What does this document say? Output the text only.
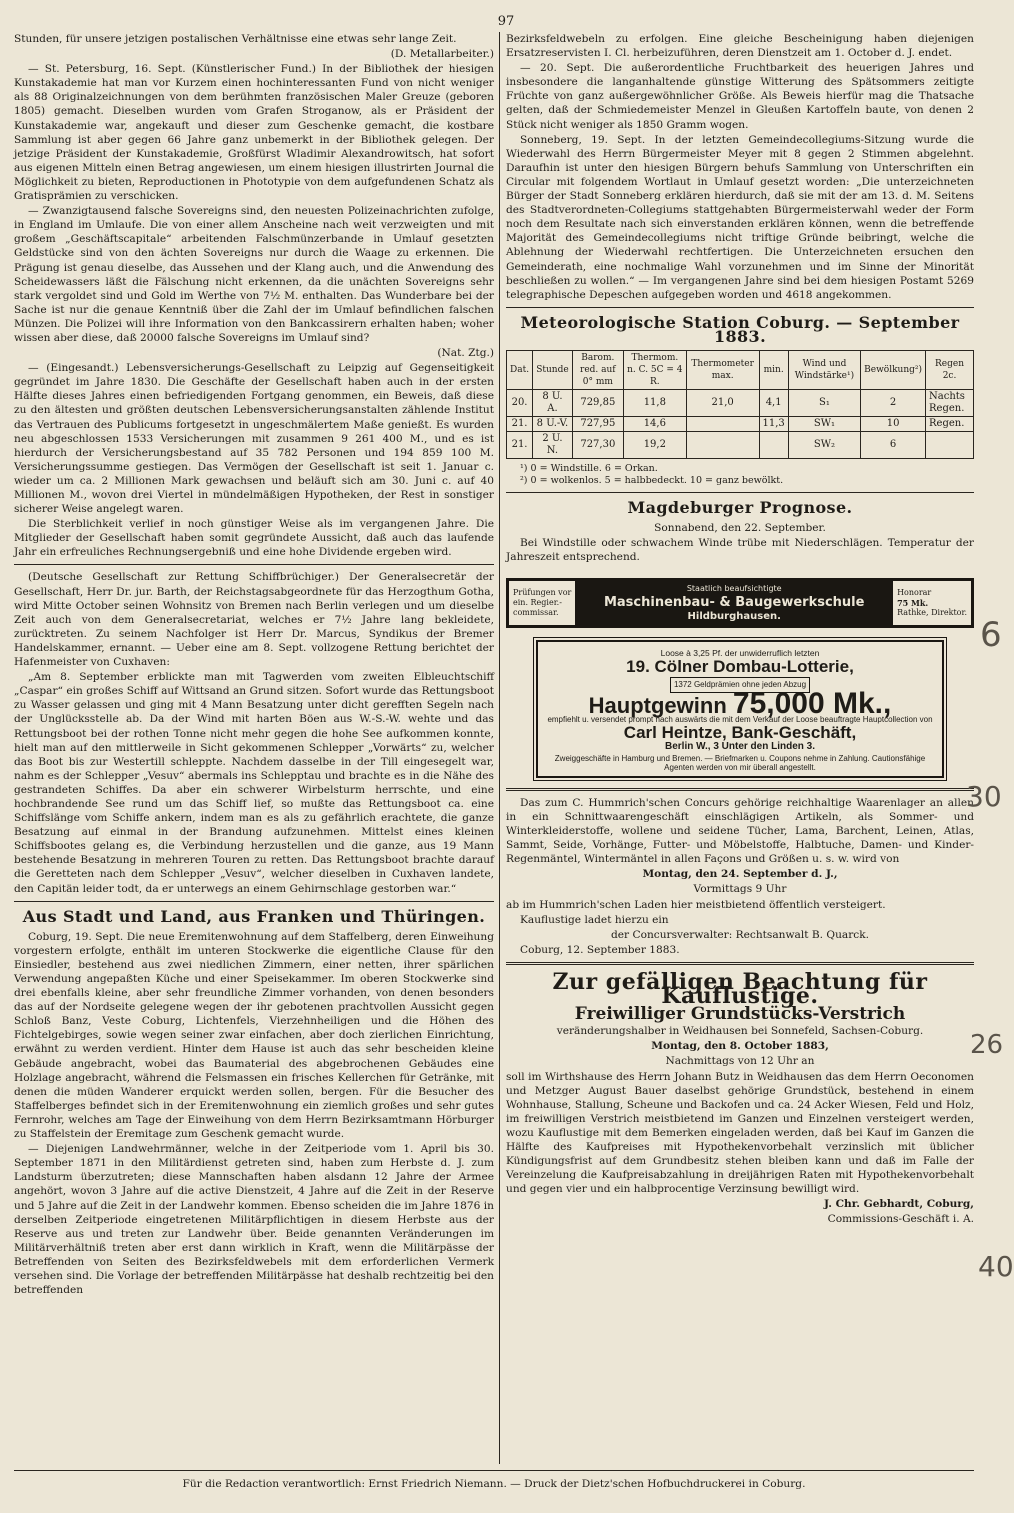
97

Stunden, für unsere jetzigen postalischen Verhältnisse eine etwas sehr lange Zeit.

(D. Metallarbeiter.)

— St. Petersburg, 16. Sept. (Künstlerischer Fund.) In der Bibliothek der hiesigen Kunstakademie hat man vor Kurzem einen hochinteressanten Fund von nicht weniger als 88 Originalzeichnungen von dem berühmten französischen Maler Greuze (geboren 1805) gemacht. Dieselben wurden vom Grafen Stroganow, als er Präsident der Kunstakademie war, angekauft und dieser zum Geschenke gemacht, die kostbare Sammlung ist aber gegen 66 Jahre ganz unbemerkt in der Bibliothek gelegen. Der jetzige Präsident der Kunstakademie, Großfürst Wladimir Alexandrowitsch, hat sofort aus eigenen Mitteln einen Betrag angewiesen, um einem hiesigen illustrirten Journal die Möglichkeit zu bieten, Reproductionen in Phototypie von dem aufgefundenen Schatz als Gratisprämien zu verschicken.

— Zwanzigtausend falsche Sovereigns sind, den neuesten Polizeinachrichten zufolge, in England im Umlaufe. Die von einer allem Anscheine nach weit verzweigten und mit großem „Geschäftscapitale“ arbeitenden Falschmünzerbande in Umlauf gesetzten Geldstücke sind von den ächten Sovereigns nur durch die Waage zu erkennen. Die Prägung ist genau dieselbe, das Aussehen und der Klang auch, und die Anwendung des Scheidewassers läßt die Fälschung nicht erkennen, da die unächten Sovereigns sehr stark vergoldet sind und Gold im Werthe von 7½ M. enthalten. Das Wunderbare bei der Sache ist nur die genaue Kenntniß über die Zahl der im Umlauf befindlichen falschen Münzen. Die Polizei will ihre Information von den Bankcassirern erhalten haben; woher wissen aber diese, daß 20000 falsche Sovereigns im Umlauf sind?

(Nat. Ztg.)

— (Eingesandt.) Lebensversicherungs-Gesellschaft zu Leipzig auf Gegenseitigkeit gegründet im Jahre 1830. Die Geschäfte der Gesellschaft haben auch in der ersten Hälfte dieses Jahres einen befriedigenden Fortgang genommen, ein Beweis, daß diese zu den ältesten und größten deutschen Lebensversicherungsanstalten zählende Institut das Vertrauen des Publicums fortgesetzt in ungeschmälertem Maße genießt. Es wurden neu abgeschlossen 1533 Versicherungen mit zusammen 9 261 400 M., und es ist hierdurch der Versicherungsbestand auf 35 782 Personen und 194 859 100 M. Versicherungssumme gestiegen. Das Vermögen der Gesellschaft ist seit 1. Januar c. wieder um ca. 2 Millionen Mark gewachsen und beläuft sich am 30. Juni c. auf 40 Millionen M., wovon drei Viertel in mündelmäßigen Hypotheken, der Rest in sonstiger sicherer Weise angelegt waren.

Die Sterblichkeit verlief in noch günstiger Weise als im vergangenen Jahre. Die Mitglieder der Gesellschaft haben somit gegründete Aussicht, daß auch das laufende Jahr ein erfreuliches Rechnungsergebniß und eine hohe Dividende ergeben wird.

(Deutsche Gesellschaft zur Rettung Schiffbrüchiger.) Der Generalsecretär der Gesellschaft, Herr Dr. jur. Barth, der Reichstagsabgeordnete für das Herzogthum Gotha, wird Mitte October seinen Wohnsitz von Bremen nach Berlin verlegen und um dieselbe Zeit auch von dem Generalsecretariat, welches er 7½ Jahre lang bekleidete, zurücktreten. Zu seinem Nachfolger ist Herr Dr. Marcus, Syndikus der Bremer Handelskammer, ernannt. — Ueber eine am 8. Sept. vollzogene Rettung berichtet der Hafenmeister von Cuxhaven:

„Am 8. September erblickte man mit Tagwerden vom zweiten Elbleuchtschiff „Caspar“ ein großes Schiff auf Wittsand an Grund sitzen. Sofort wurde das Rettungsboot zu Wasser gelassen und ging mit 4 Mann Besatzung unter dicht gerefften Segeln nach der Unglücksstelle ab. Da der Wind mit harten Böen aus W.-S.-W. wehte und das Rettungsboot bei der rothen Tonne nicht mehr gegen die hohe See aufkommen konnte, hielt man auf den mittlerweile in Sicht gekommenen Schlepper „Vorwärts“ zu, welcher das Boot bis zur Westertill schleppte. Nachdem dasselbe in der Till eingesegelt war, nahm es der Schlepper „Vesuv“ abermals ins Schlepptau und brachte es in die Nähe des gestrandeten Schiffes. Da aber ein schwerer Wirbelsturm herrschte, und eine hochbrandende See rund um das Schiff lief, so mußte das Rettungsboot ca. eine Schiffslänge vom Schiffe ankern, indem man es als zu gefährlich erachtete, die ganze Besatzung auf einmal in der Brandung aufzunehmen. Mittelst eines kleinen Schiffsbootes gelang es, die Verbindung herzustellen und die ganze, aus 19 Mann bestehende Besatzung in mehreren Touren zu retten. Das Rettungsboot brachte darauf die Geretteten nach dem Schlepper „Vesuv“, welcher dieselben in Cuxhaven landete, den Capitän leider todt, da er unterwegs an einem Gehirnschlage gestorben war.“

Aus Stadt und Land, aus Franken und Thüringen.

Coburg, 19. Sept. Die neue Eremitenwohnung auf dem Staffelberg, deren Einweihung vorgestern erfolgte, enthält im unteren Stockwerke die eigentliche Clause für den Einsiedler, bestehend aus zwei niedlichen Zimmern, einer netten, ihrer spärlichen Verwendung angepaßten Küche und einer Speisekammer. Im oberen Stockwerke sind drei ebenfalls kleine, aber sehr freundliche Zimmer vorhanden, von denen besonders das auf der Nordseite gelegene wegen der ihr gebotenen prachtvollen Aussicht gegen Schloß Banz, Veste Coburg, Lichtenfels, Vierzehnheiligen und die Höhen des Fichtelgebirges, sowie wegen seiner zwar einfachen, aber doch zierlichen Einrichtung, erwähnt zu werden verdient. Hinter dem Hause ist auch das sehr bescheiden kleine Gebäude angebracht, wobei das Baumaterial des abgebrochenen Gebäudes eine Holzlage angebracht, während die Felsmassen ein frisches Kellerchen für Getränke, mit denen die müden Wanderer erquickt werden sollen, bergen. Für die Besucher des Staffelberges befindet sich in der Eremitenwohnung ein ziemlich großes und sehr gutes Fernrohr, welches am Tage der Einweihung von dem Herrn Bezirksamtmann Hörburger zu Staffelstein der Eremitage zum Geschenk gemacht wurde.

— Diejenigen Landwehrmänner, welche in der Zeitperiode vom 1. April bis 30. September 1871 in den Militärdienst getreten sind, haben zum Herbste d. J. zum Landsturm überzutreten; diese Mannschaften haben alsdann 12 Jahre der Armee angehört, wovon 3 Jahre auf die active Dienstzeit, 4 Jahre auf die Zeit in der Reserve und 5 Jahre auf die Zeit in der Landwehr kommen. Ebenso scheiden die im Jahre 1876 in derselben Zeitperiode eingetretenen Militärpflichtigen in diesem Herbste aus der Reserve aus und treten zur Landwehr über. Beide genannten Veränderungen im Militärverhältniß treten aber erst dann wirklich in Kraft, wenn die Militärpässe der Betreffenden von Seiten des Bezirksfeldwebels mit dem erforderlichen Vermerk versehen sind. Die Vorlage der betreffenden Militärpässe hat deshalb rechtzeitig bei den betreffenden

Bezirksfeldwebeln zu erfolgen. Eine gleiche Bescheinigung haben diejenigen Ersatzreservisten I. Cl. herbeizuführen, deren Dienstzeit am 1. October d. J. endet.

— 20. Sept. Die außerordentliche Fruchtbarkeit des heuerigen Jahres und insbesondere die langanhaltende günstige Witterung des Spätsommers zeitigte Früchte von ganz außergewöhnlicher Größe. Als Beweis hierfür mag die Thatsache gelten, daß der Schmiedemeister Menzel in Gleußen Kartoffeln baute, von denen 2 Stück nicht weniger als 1850 Gramm wogen.

Sonneberg, 19. Sept. In der letzten Gemeindecollegiums-Sitzung wurde die Wiederwahl des Herrn Bürgermeister Meyer mit 8 gegen 2 Stimmen abgelehnt. Daraufhin ist unter den hiesigen Bürgern behufs Sammlung von Unterschriften ein Circular mit folgendem Wortlaut in Umlauf gesetzt worden: „Die unterzeichneten Bürger der Stadt Sonneberg erklären hierdurch, daß sie mit der am 13. d. M. Seitens des Stadtverordneten-Collegiums stattgehabten Bürgermeisterwahl weder der Form noch dem Resultate nach sich einverstanden erklären können, wenn die betreffende Majorität des Gemeindecollegiums nicht triftige Gründe beibringt, welche die Ablehnung der Wiederwahl rechtfertigen. Die Unterzeichneten ersuchen den Gemeinderath, eine nochmalige Wahl vorzunehmen und im Sinne der Minorität beschließen zu wollen.“ — Im vergangenen Jahre sind bei dem hiesigen Postamt 5269 telegraphische Depeschen aufgegeben worden und 4618 angekommen.

Meteorologische Station Coburg. — September 1883.
Dat.	Stunde	Barom. red. auf 0° mm	Thermom. n. C. 5C = 4 R.	Thermometer max.	min.	Wind und Windstärke¹)	Bewölkung²)	Regen 2c.
20.	8 U. A.	729,85	11,8	21,0	4,1	S₁	2	Nachts Regen.
21.	8 U.-V.	727,95	14,6		11,3	SW₁	10	Regen.
21.	2 U. N.	727,30	19,2			SW₂	6	
¹) 0 = Windstille. 6 = Orkan.
²) 0 = wolkenlos. 5 = halbbedeckt. 10 = ganz bewölkt.
Magdeburger Prognose.

Sonnabend, den 22. September.

Bei Windstille oder schwachem Winde trübe mit Niederschlägen. Temperatur der Jahreszeit entsprechend.

Prüfungen vor
ein. Regier.-
commissar.
Staatlich beaufsichtigte
Maschinenbau- & Baugewerkschule
Hildburghausen.
Honorar
75 Mk.
Rathke, Direktor.
Loose à 3,25 Pf. der unwiderruflich letzten
19. Cölner Dombau-Lotterie,
1372 Geldprämien ohne jeden Abzug
Hauptgewinn 75,000 Mk.,
empfiehlt u. versendet prompt nach auswärts die mit dem Verkauf der Loose beauftragte Hauptcollection von
Carl Heintze, Bank-Geschäft,
Berlin W., 3 Unter den Linden 3.
Zweiggeschäfte in Hamburg und Bremen. — Briefmarken u. Coupons nehme in Zahlung. Cautionsfähige Agenten werden von mir überall angestellt.

Das zum C. Hummrich'schen Concurs gehörige reichhaltige Waarenlager an allen in ein Schnittwaarengeschäft einschlägigen Artikeln, als Sommer- und Winterkleiderstoffe, wollene und seidene Tücher, Lama, Barchent, Leinen, Atlas, Sammt, Seide, Vorhänge, Futter- und Möbelstoffe, Halbtuche, Damen- und Kinder-Regenmäntel, Wintermäntel in allen Façons und Größen u. s. w. wird von

Montag, den 24. September d. J.,

Vormittags 9 Uhr

ab im Hummrich'schen Laden hier meistbietend öffentlich versteigert.

Kauflustige ladet hierzu ein

der Concursverwalter: Rechtsanwalt B. Quarck.

Coburg, 12. September 1883.

Zur gefälligen Beachtung für Kauflustige.
Freiwilliger Grundstücks-Verstrich

veränderungshalber in Weidhausen bei Sonnefeld, Sachsen-Coburg.

Montag, den 8. October 1883,

Nachmittags von 12 Uhr an

soll im Wirthshause des Herrn Johann Butz in Weidhausen das dem Herrn Oeconomen und Metzger August Bauer daselbst gehörige Grundstück, bestehend in einem Wohnhause, Stallung, Scheune und Backofen und ca. 24 Acker Wiesen, Feld und Holz, im freiwilligen Verstrich meistbietend im Ganzen und Einzelnen versteigert werden, wozu Kauflustige mit dem Bemerken eingeladen werden, daß bei Kauf im Ganzen die Hälfte des Kaufpreises mit Hypothekenvorbehalt verzinslich mit üblicher Kündigungsfrist auf dem Grundbesitz stehen bleiben kann und daß im Falle der Vereinzelung die Kaufpreisabzahlung in dreijährigen Raten mit Hypothekenvorbehalt und gegen vier und ein halbprocentige Verzinsung bewilligt wird.

J. Chr. Gebhardt, Coburg,

Commissions-Geschäft i. A.

Für die Redaction verantwortlich: Ernst Friedrich Niemann. — Druck der Dietz'schen Hofbuchdruckerei in Coburg.
6
30
26
40
